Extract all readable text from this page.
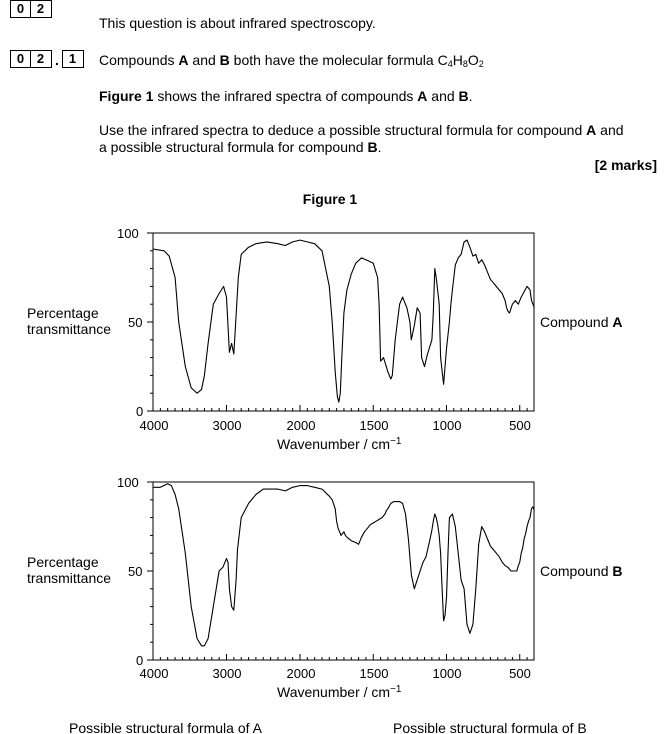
0 2
This question is about infrared spectroscopy.
0 2 . 1	Compounds A and B both have the molecular formula $C_4H_8O_2$
Figure 1 shows the infrared spectra of compounds A and B.
Use the infrared spectra to deduce a possible structural formula for compound A and
a possible structural formula for compound B.
[2 marks]
Figure 1
100
50
0
Percentage
transmittance
4000	3000	2000	1500	1000	500
Wavenumber / $cm^{-1}$
Compound A
100
50
0
Percentage
transmittance
4000	3000	2000	1500	1000	500
Wavenumber / $cm^{-1}$
Compound B
Possible structural formula of A	Possible structural formula of B
